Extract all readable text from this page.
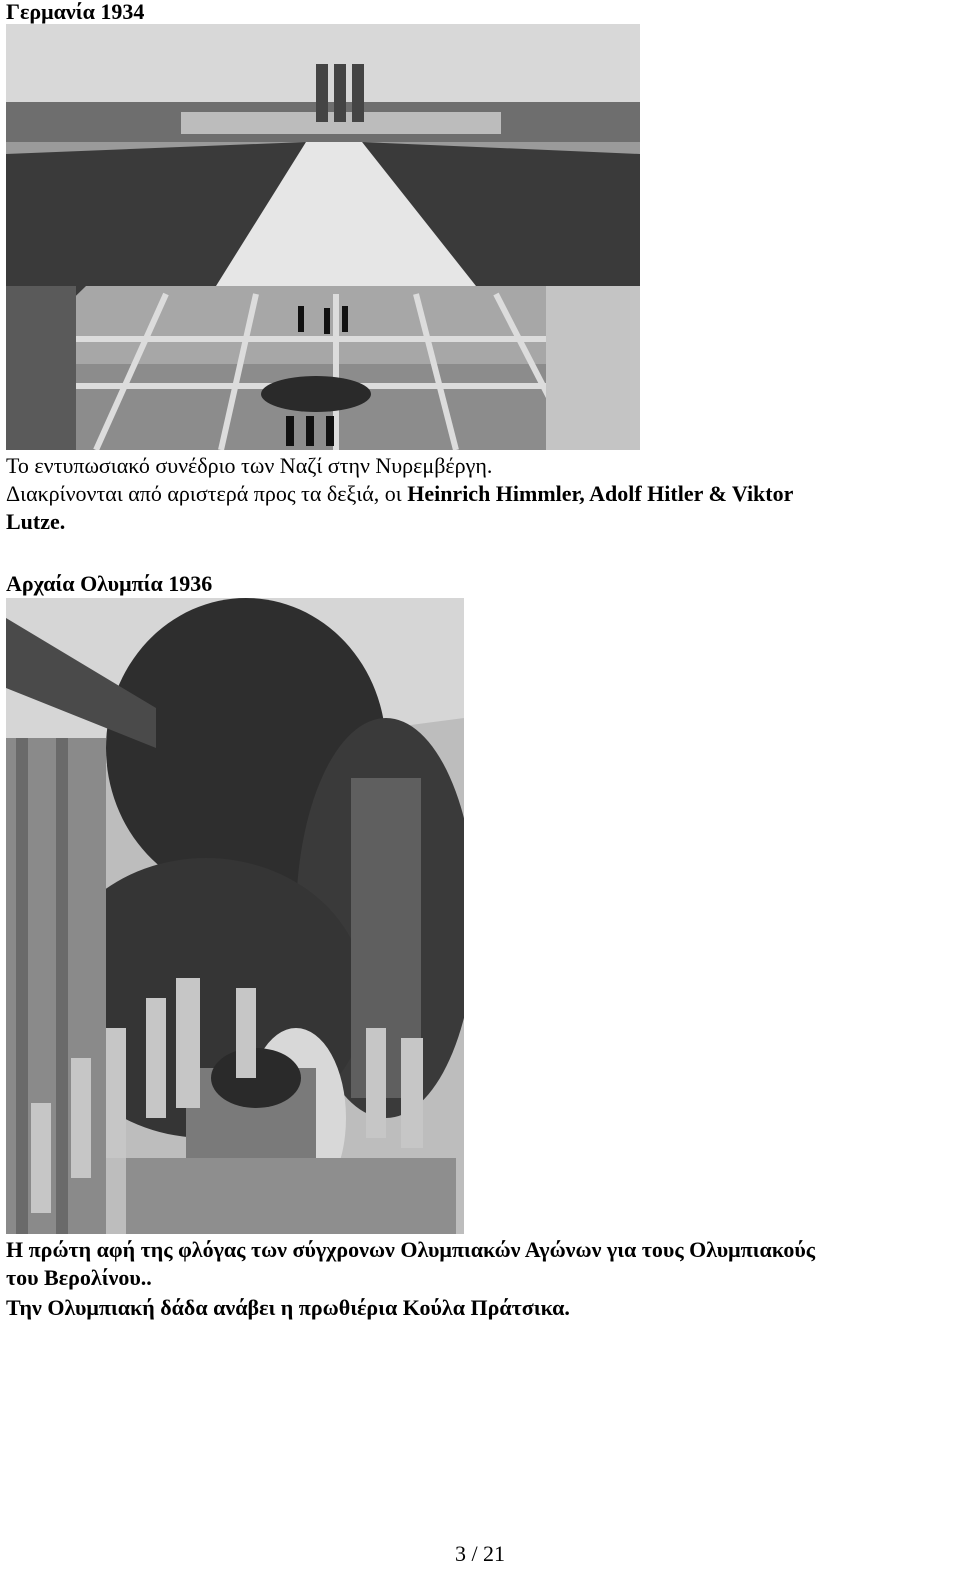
Γερμανία 1934
Το εντυπωσιακό συνέδριο των Ναζί στην Νυρεμβέργη.
Διακρίνονται από αριστερά προς τα δεξιά, οι Heinrich Himmler, Adolf Hitler & Viktor
Lutze.
Αρχαία Ολυμπία 1936
Η πρώτη αφή της φλόγας των σύγχρονων Ολυμπιακών Αγώνων για τους Ολυμπιακούς
του Βερολίνου..
Την Ολυμπιακή δάδα ανάβει η πρωθιέρια Κούλα Πράτσικα.
3 / 21
